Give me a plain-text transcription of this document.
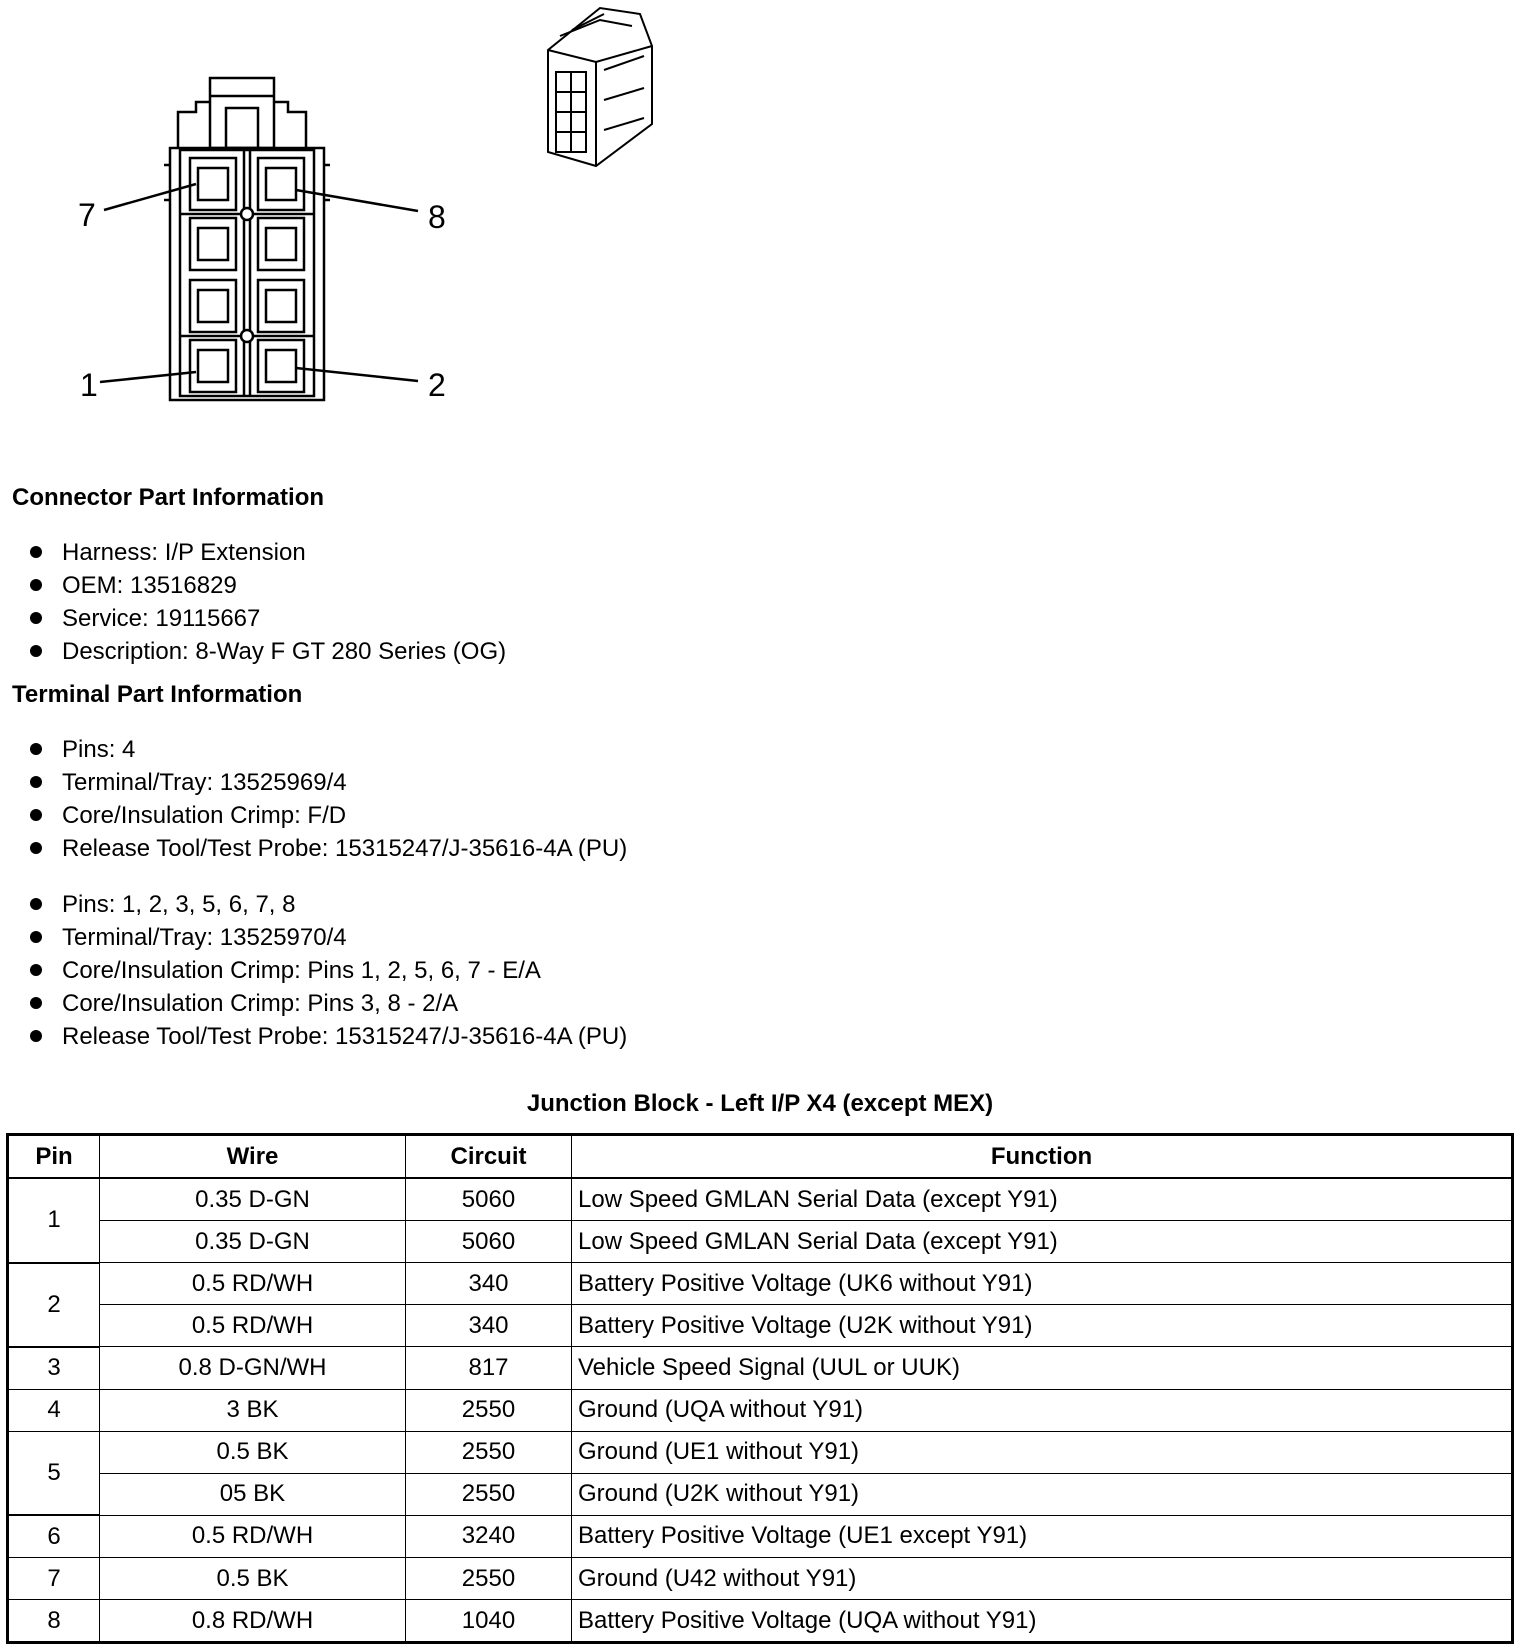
7	8
1	2
Connector Part Information
Harness: I/P Extension
OEM: 13516829
Service: 19115667
Description: 8-Way F GT 280 Series (OG)
Terminal Part Information
Pins: 4
Terminal/Tray: 13525969/4
Core/Insulation Crimp: F/D
Release Tool/Test Probe: 15315247/J-35616-4A (PU)
Pins: 1, 2, 3, 5, 6, 7, 8
Terminal/Tray: 13525970/4
Core/Insulation Crimp: Pins 1, 2, 5, 6, 7 - E/A
Core/Insulation Crimp: Pins 3, 8 - 2/A
Release Tool/Test Probe: 15315247/J-35616-4A (PU)
Junction Block - Left I/P X4 (except MEX)
Pin	Wire	Circuit	Function
1	0.35 D-GN	5060	Low Speed GMLAN Serial Data (except Y91)
	0.35 D-GN	5060	Low Speed GMLAN Serial Data (except Y91)
2	0.5 RD/WH	340	Battery Positive Voltage (UK6 without Y91)
	0.5 RD/WH	340	Battery Positive Voltage (U2K without Y91)
3	0.8 D-GN/WH	817	Vehicle Speed Signal (UUL or UUK)
4	3 BK	2550	Ground (UQA without Y91)
5	0.5 BK	2550	Ground (UE1 without Y91)
	05 BK	2550	Ground (U2K without Y91)
6	0.5 RD/WH	3240	Battery Positive Voltage (UE1 except Y91)
7	0.5 BK	2550	Ground (U42 without Y91)
8	0.8 RD/WH	1040	Battery Positive Voltage (UQA without Y91)
